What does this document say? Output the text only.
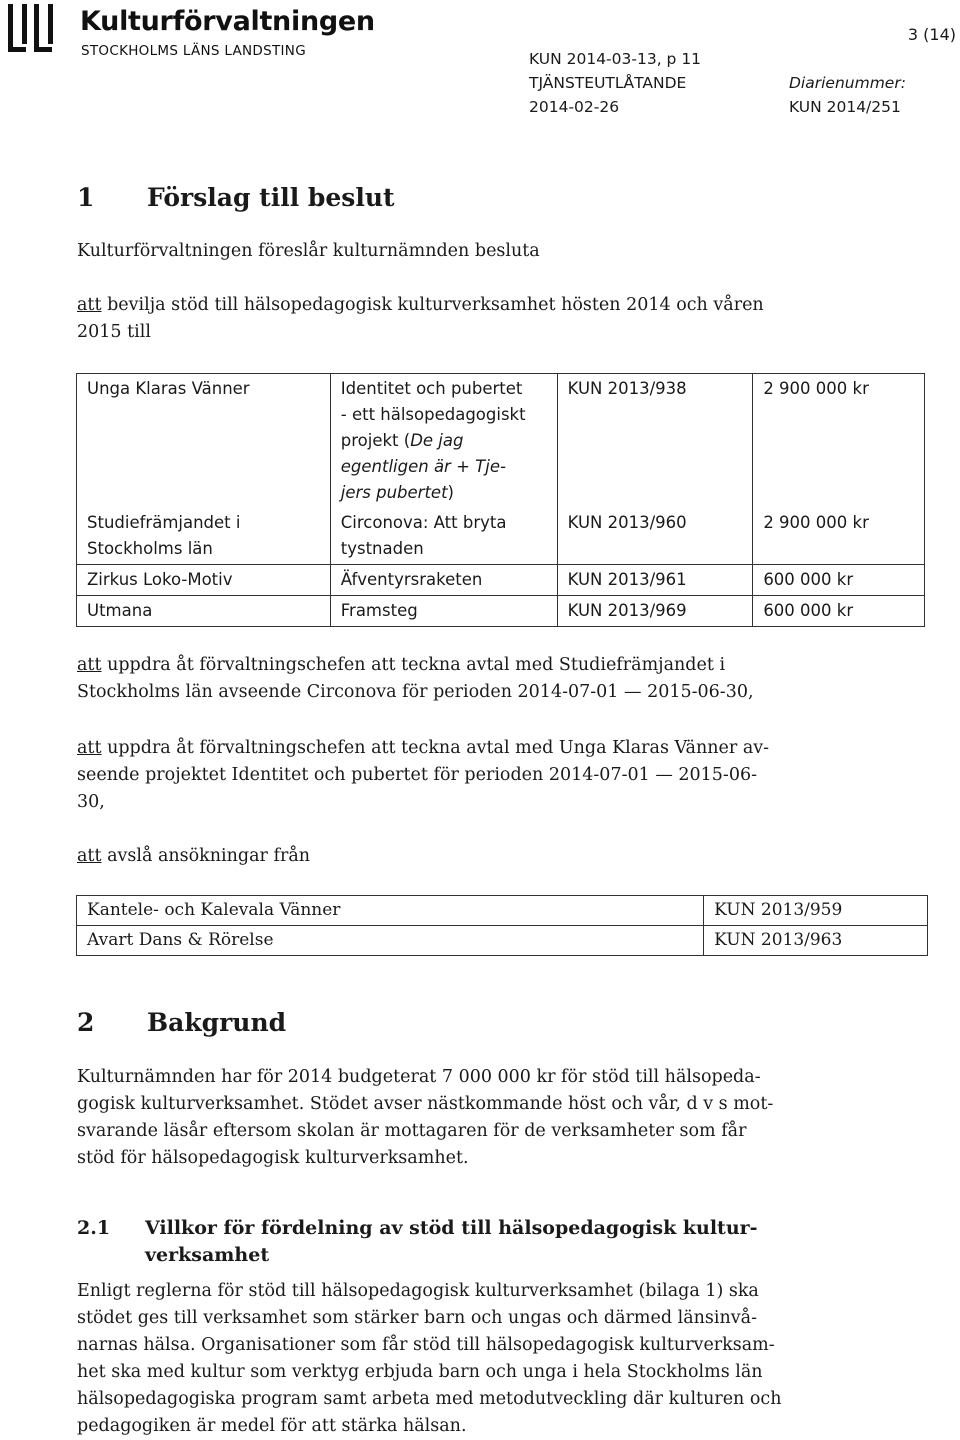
Kulturförvaltningen
STOCKHOLMS LÄNS LANDSTING
3 (14)
KUN 2014-03-13, p 11
TJÄNSTEUTLÅTANDE	Diarienummer:
2014-02-26	KUN 2014/251
1 Förslag till beslut

Kulturförvaltningen föreslår kulturnämnden besluta

att bevilja stöd till hälsopedagogisk kulturverksamhet hösten 2014 och våren
2015 till

Unga Klaras Vänner	Identitet och pubertet
- ett hälsopedagogiskt
projekt (De jag
egentligen är + Tje-
jers pubertet)	KUN 2013/938	2 900 000 kr
Studiefrämjandet i
Stockholms län	Circonova: Att bryta
tystnaden	KUN 2013/960	2 900 000 kr
Zirkus Loko-Motiv	Äfventyrsraketen	KUN 2013/961	600 000 kr
Utmana	Framsteg	KUN 2013/969	600 000 kr

att uppdra åt förvaltningschefen att teckna avtal med Studiefrämjandet i
Stockholms län avseende Circonova för perioden 2014-07-01 — 2015-06-30,

att uppdra åt förvaltningschefen att teckna avtal med Unga Klaras Vänner av-
seende projektet Identitet och pubertet för perioden 2014-07-01 — 2015-06-
30,

att avslå ansökningar från

Kantele- och Kalevala Vänner	KUN 2013/959
Avart Dans & Rörelse	KUN 2013/963
2 Bakgrund

Kulturnämnden har för 2014 budgeterat 7 000 000 kr för stöd till hälsopeda-
gogisk kulturverksamhet. Stödet avser nästkommande höst och vår, d v s mot-
svarande läsår eftersom skolan är mottagaren för de verksamheter som får
stöd för hälsopedagogisk kulturverksamhet.

2.1 Villkor för fördelning av stöd till hälsopedagogisk kultur-
verksamhet

Enligt reglerna för stöd till hälsopedagogisk kulturverksamhet (bilaga 1) ska
stödet ges till verksamhet som stärker barn och ungas och därmed länsinvå-
narnas hälsa. Organisationer som får stöd till hälsopedagogisk kulturverksam-
het ska med kultur som verktyg erbjuda barn och unga i hela Stockholms län
hälsopedagogiska program samt arbeta med metodutveckling där kulturen och
pedagogiken är medel för att stärka hälsan.
